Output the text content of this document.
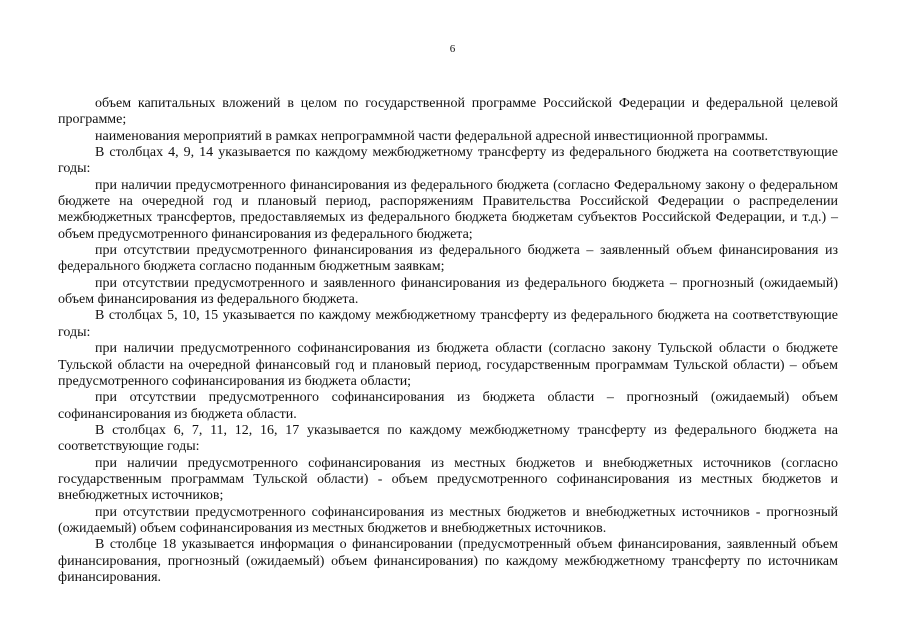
6

объем капитальных вложений в целом по государственной программе Российской Федерации и федеральной целевой программе;

наименования мероприятий в рамках непрограммной части федеральной адресной инвестиционной программы.

В столбцах 4, 9, 14 указывается по каждому межбюджетному трансферту из федерального бюджета на соответствующие годы:

при наличии предусмотренного финансирования из федерального бюджета (согласно Федеральному закону о федеральном бюджете на очередной год и плановый период, распоряжениям Правительства Российской Федерации о распределении межбюджетных трансфертов, предоставляемых из федерального бюджета бюджетам субъектов Российской Федерации, и т.д.) – объем предусмотренного финансирования из федерального бюджета;

при отсутствии предусмотренного финансирования из федерального бюджета – заявленный объем финансирования из федерального бюджета согласно поданным бюджетным заявкам;

при отсутствии предусмотренного и заявленного финансирования из федерального бюджета – прогнозный (ожидаемый) объем финансирования из федерального бюджета.

В столбцах 5, 10, 15 указывается по каждому межбюджетному трансферту из федерального бюджета на соответствующие годы:

при наличии предусмотренного софинансирования из бюджета области (согласно закону Тульской области о бюджете Тульской области на очередной финансовый год и плановый период, государственным программам Тульской области) – объем предусмотренного софинансирования из бюджета области;

при отсутствии предусмотренного софинансирования из бюджета области – прогнозный (ожидаемый) объем софинансирования из бюджета области.

В столбцах 6, 7, 11, 12, 16, 17 указывается по каждому межбюджетному трансферту из федерального бюджета на соответствующие годы:

при наличии предусмотренного софинансирования из местных бюджетов и внебюджетных источников (согласно государственным программам Тульской области) - объем предусмотренного софинансирования из местных бюджетов и внебюджетных источников;

при отсутствии предусмотренного софинансирования из местных бюджетов и внебюджетных источников - прогнозный (ожидаемый) объем софинансирования из местных бюджетов и внебюджетных источников.

В столбце 18 указывается информация о финансировании (предусмотренный объем финансирования, заявленный объем финансирования, прогнозный (ожидаемый) объем финансирования) по каждому межбюджетному трансферту по источникам финансирования.
